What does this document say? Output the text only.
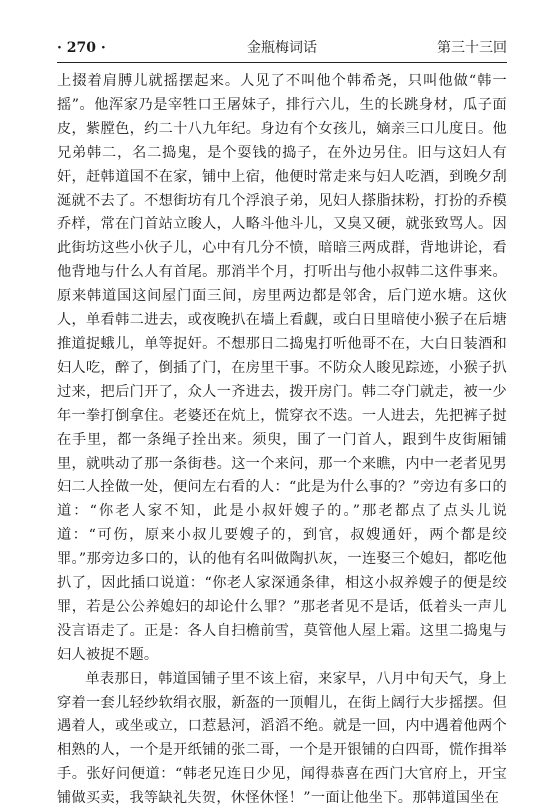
· 270 ·	金瓶梅词话	第三十三回

上掇着肩膊儿就摇摆起来。人见了不叫他个韩希尧，只叫他做“韩一摇”。他浑家乃是宰牲口王屠妹子，排行六儿，生的长跳身材，瓜子面皮，紫膛色，约二十八九年纪。身边有个女孩儿，嫡亲三口儿度日。他兄弟韩二，名二捣鬼，是个耍钱的捣子，在外边另住。旧与这妇人有奸，赶韩道国不在家，铺中上宿，他便时常走来与妇人吃酒，到晚夕刮涎就不去了。不想街坊有几个浮浪子弟，见妇人搽脂抹粉，打扮的乔模乔样，常在门首站立睃人，人略斗他斗儿，又臭又硬，就张致骂人。因此街坊这些小伙子儿，心中有几分不愤，暗暗三两成群，背地讲论，看他背地与什么人有首尾。那消半个月，打听出与他小叔韩二这件事来。原来韩道国这间屋门面三间，房里两边都是邻舍，后门逆水塘。这伙人，单看韩二进去，或夜晚扒在墙上看觑，或白日里暗使小猴子在后塘推道捉蛾儿，单等捉奸。不想那日二捣鬼打听他哥不在，大白日装酒和妇人吃，醉了，倒插了门，在房里干事。不防众人睃见踪迹，小猴子扒过来，把后门开了，众人一齐进去，拨开房门。韩二夺门就走，被一少年一拳打倒拿住。老婆还在炕上，慌穿衣不迭。一人进去，先把裤子挝在手里，都一条绳子拴出来。须臾，围了一门首人，跟到牛皮街厢铺里，就哄动了那一条街巷。这一个来问，那一个来瞧，内中一老者见男妇二人拴做一处，便问左右看的人：“此是为什么事的？”旁边有多口的道：“你老人家不知，此是小叔奸嫂子的。”那老都点了点头儿说道：“可伤，原来小叔儿要嫂子的，到官，叔嫂通奸，两个都是绞罪。”那旁边多口的，认的他有名叫做陶扒灰，一连娶三个媳妇，都吃他扒了，因此插口说道：“你老人家深通条律，相这小叔养嫂子的便是绞罪，若是公公养媳妇的却论什么罪？”那老者见不是话，低着头一声儿没言语走了。正是：各人自扫檐前雪，莫管他人屋上霜。这里二捣鬼与妇人被捉不题。

单表那日，韩道国铺子里不该上宿，来家早，八月中旬天气，身上穿着一套儿轻纱软绢衣服，新盔的一顶帽儿，在街上阔行大步摇摆。但遇着人，或坐或立，口惹悬河，滔滔不绝。就是一回，内中遇着他两个相熟的人，一个是开纸铺的张二哥，一个是开银铺的白四哥，慌作揖举手。张好问便道：“韩老兄连日少见，闻得恭喜在西门大官府上，开宝铺做买卖，我等缺礼失贺，休怪休怪！”一面让他坐下。那韩道国坐在
